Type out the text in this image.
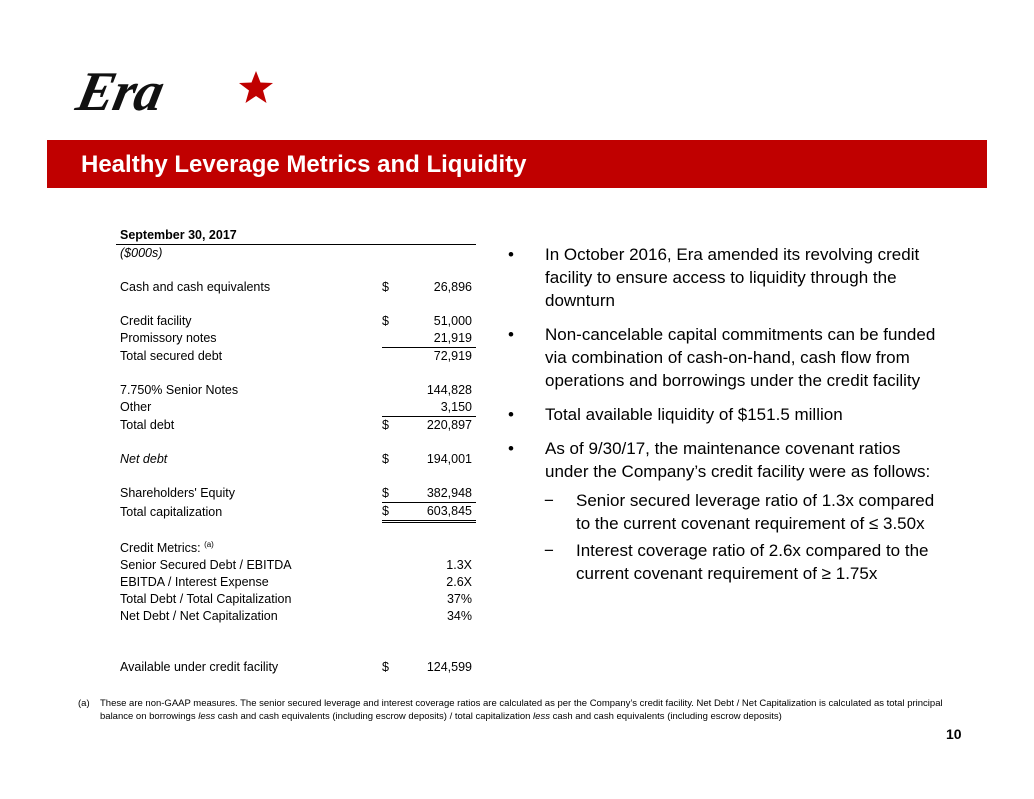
Era
Healthy Leverage Metrics and Liquidity
September 30, 2017		
($000s)		

Cash and cash equivalents	$	26,896

Credit facility	$	51,000
Promissory notes		21,919
Total secured debt		72,919

7.750% Senior Notes		144,828
Other		3,150
Total debt	$	220,897

Net debt	$	194,001

Shareholders' Equity	$	382,948
Total capitalization	$	603,845

Credit Metrics: $^{(a)}$		
Senior Secured Debt / EBITDA		1.3X
EBITDA / Interest Expense		2.6X
Total Debt / Total Capitalization		37%
Net Debt / Net Capitalization		34%

Available under credit facility	$	124,599
• In October 2016, Era amended its revolving credit facility to ensure access to liquidity through the downturn
• Non-cancelable capital commitments can be funded via combination of cash-on-hand, cash flow from operations and borrowings under the credit facility
• Total available liquidity of $151.5 million
• As of 9/30/17, the maintenance covenant ratios under the Company’s credit facility were as follows:
− Senior secured leverage ratio of 1.3x compared to the current covenant requirement of ≤ 3.50x
− Interest coverage ratio of 2.6x compared to the current covenant requirement of ≥ 1.75x
(a)	These are non-GAAP measures. The senior secured leverage and interest coverage ratios are calculated as per the Company’s credit facility. Net Debt / Net Capitalization is calculated as total principal balance on borrowings less cash and cash equivalents (including escrow deposits) / total capitalization less cash and cash equivalents (including escrow deposits)
10
